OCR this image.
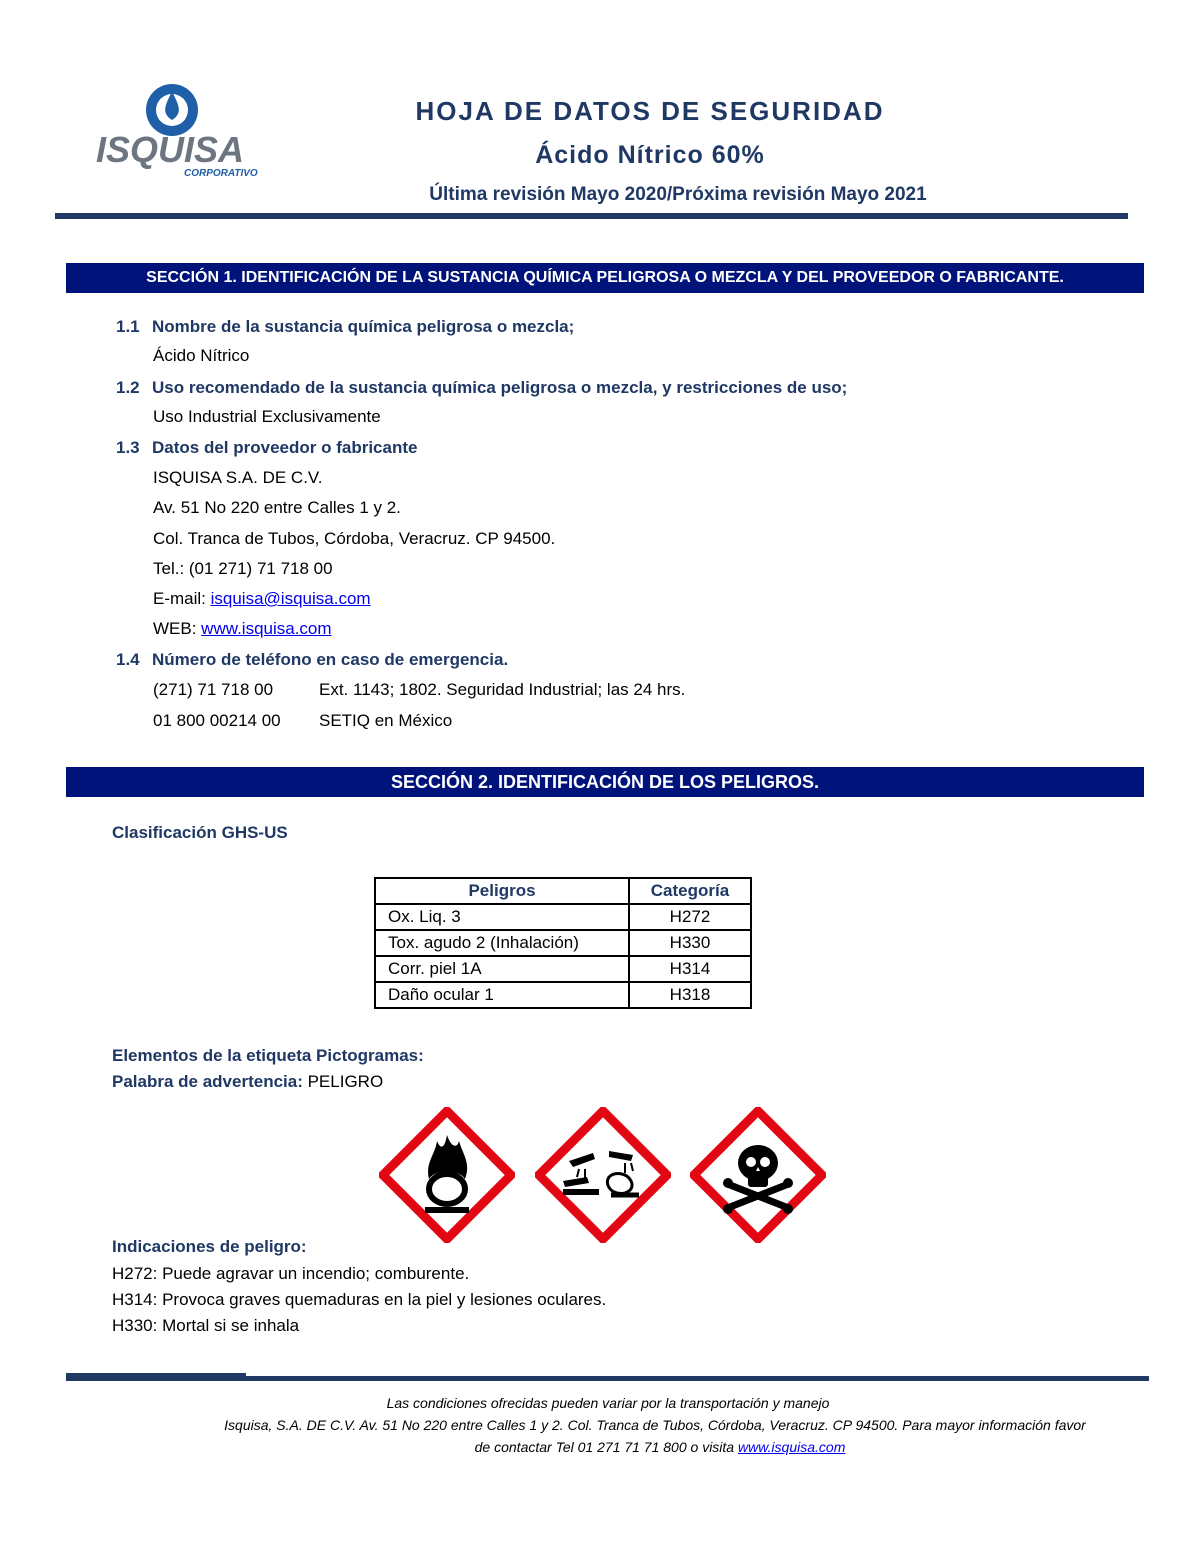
ISQUISA
CORPORATIVO
HOJA DE DATOS DE SEGURIDAD
Ácido Nítrico 60%
Última revisión Mayo 2020/Próxima revisión Mayo 2021
SECCIÓN 1. IDENTIFICACIÓN DE LA SUSTANCIA QUÍMICA PELIGROSA O MEZCLA Y DEL PROVEEDOR O FABRICANTE.
1.1 Nombre de la sustancia química peligrosa o mezcla;
Ácido Nítrico
1.2 Uso recomendado de la sustancia química peligrosa o mezcla, y restricciones de uso;
Uso Industrial Exclusivamente
1.3 Datos del proveedor o fabricante
ISQUISA S.A. DE C.V.
Av. 51 No 220 entre Calles 1 y 2.
Col. Tranca de Tubos, Córdoba, Veracruz. CP 94500.
Tel.: (01 271) 71 718 00
E-mail: isquisa@isquisa.com
WEB: www.isquisa.com
1.4 Número de teléfono en caso de emergencia.
(271) 71 718 00	Ext. 1143; 1802. Seguridad Industrial; las 24 hrs.
01 800 00214 00 SETIQ en México
SECCIÓN 2. IDENTIFICACIÓN DE LOS PELIGROS.
Clasificación GHS-US
Peligros	Categoría
Ox. Liq. 3	H272
Tox. agudo 2 (Inhalación)	H330
Corr. piel 1A	H314
Daño ocular 1	H318
Elementos de la etiqueta Pictogramas:
Palabra de advertencia: PELIGRO
Indicaciones de peligro:
H272: Puede agravar un incendio; comburente.
H314: Provoca graves quemaduras en la piel y lesiones oculares.
H330: Mortal si se inhala
Las condiciones ofrecidas pueden variar por la transportación y manejo
Isquisa, S.A. DE C.V. Av. 51 No 220 entre Calles 1 y 2. Col. Tranca de Tubos, Córdoba, Veracruz. CP 94500. Para mayor información favor
de contactar Tel 01 271 71 71 800 o visita www.isquisa.com
